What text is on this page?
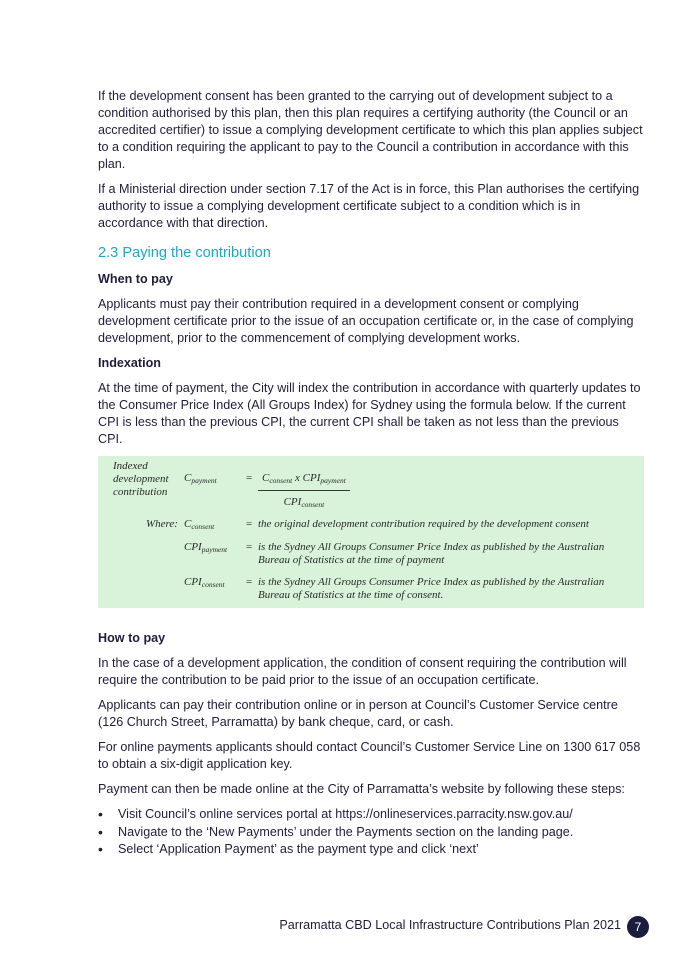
If the development consent has been granted to the carrying out of development subject to a condition authorised by this plan, then this plan requires a certifying authority (the Council or an accredited certifier) to issue a complying development certificate to which this plan applies subject to a condition requiring the applicant to pay to the Council a contribution in accordance with this plan.

If a Ministerial direction under section 7.17 of the Act is in force, this Plan authorises the certifying authority to issue a complying development certificate subject to a condition which is in accordance with that direction.

2.3 Paying the contribution
When to pay

Applicants must pay their contribution required in a development consent or complying development certificate prior to the issue of an occupation certificate or, in the case of complying development, prior to the commencement of complying development works.

Indexation

At the time of payment, the City will index the contribution in accordance with quarterly updates to the Consumer Price Index (All Groups Index) for Sydney using the formula below. If the current CPI is less than the previous CPI, the current CPI shall be taken as not less than the previous CPI.

Indexed development contribution
$C_{payment}$	= $C_{consent}$ x $CPI_{payment}$
$CPI_{consent}$
Where: $C_{consent}$	= the original development contribution required by the development consent
$CPI_{payment}$	= is the Sydney All Groups Consumer Price Index as published by the Australian Bureau of Statistics at the time of payment
$CPI_{consent}$	= is the Sydney All Groups Consumer Price Index as published by the Australian Bureau of Statistics at the time of consent.
How to pay

In the case of a development application, the condition of consent requiring the contribution will require the contribution to be paid prior to the issue of an occupation certificate.

Applicants can pay their contribution online or in person at Council’s Customer Service centre (126 Church Street, Parramatta) by bank cheque, card, or cash.

For online payments applicants should contact Council’s Customer Service Line on 1300 617 058 to obtain a six-digit application key.

Payment can then be made online at the City of Parramatta’s website by following these steps:

• Visit Council’s online services portal at https://onlineservices.parracity.nsw.gov.au/
• Navigate to the ‘New Payments’ under the Payments section on the landing page.
• Select ‘Application Payment’ as the payment type and click ‘next’
Parramatta CBD Local Infrastructure Contributions Plan 2021	7
